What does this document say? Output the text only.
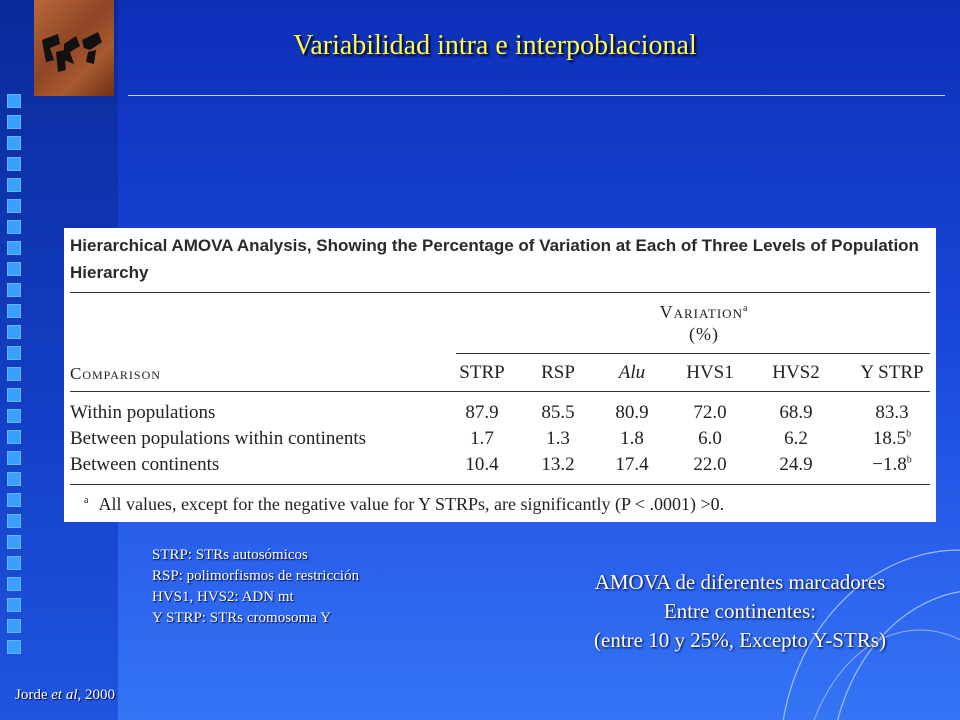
Variabilidad intra e interpoblacional
Hierarchical AMOVA Analysis, Showing the Percentage of Variation at Each of Three Levels of Population Hierarchy
Variation$^a$
(%)
Comparison	STRP	RSP	Alu	HVS1	HVS2	Y STRP
Within populations	87.9	85.5	80.9	72.0	68.9	83.3
Between populations within continents	1.7	1.3	1.8	6.0	6.2	18.5$^b$
Between continents	10.4	13.2	17.4	22.0	24.9	−1.8$^b$
$^a$ All values, except for the negative value for Y STRPs, are significantly (P < .0001) >0.
STRP: STRs autosómicos
RSP: polimorfismos de restricción
HVS1, HVS2: ADN mt
Y STRP: STRs cromosoma Y
AMOVA de diferentes marcadores
Entre continentes:
(entre 10 y 25%, Excepto Y-STRs)
Jorde et al, 2000
